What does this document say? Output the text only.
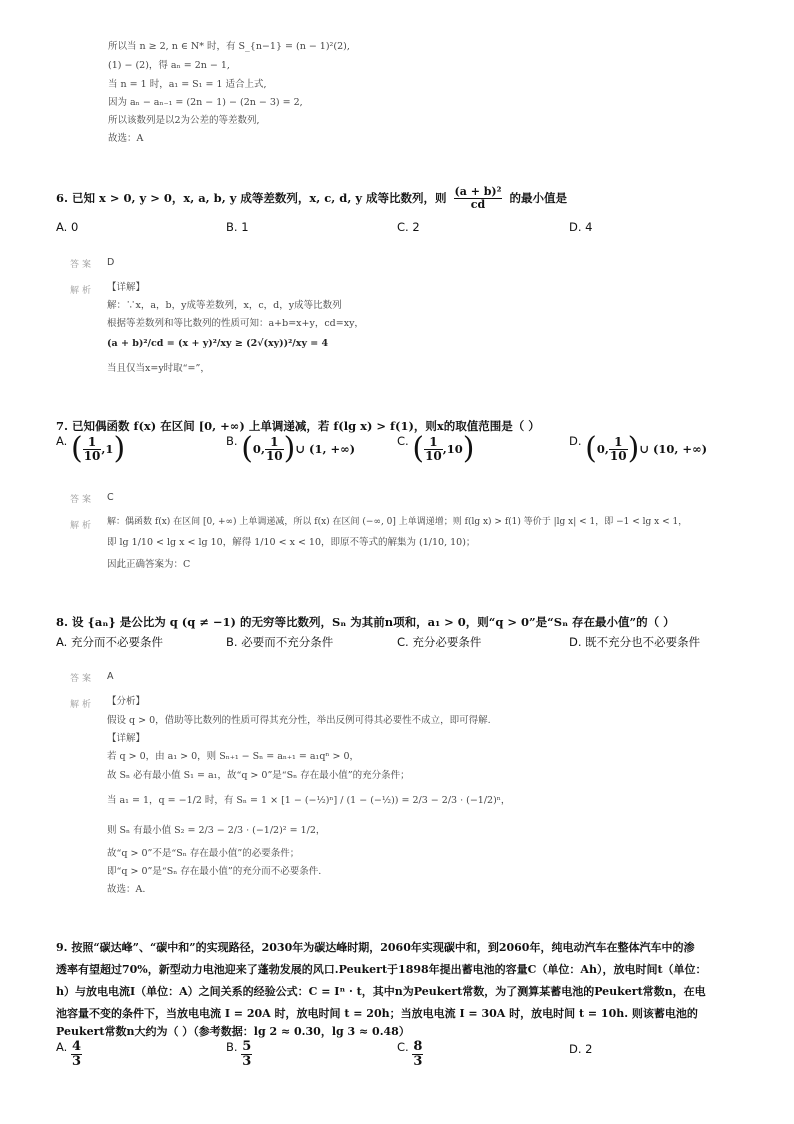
所以当 n ≥ 2, n ∈ N* 时，有 S_{n−1} = (n − 1)²(2),
(1) − (2)，得 aₙ = 2n − 1,
当 n = 1 时，a₁ = S₁ = 1 适合上式,
因为 aₙ − aₙ₋₁ = (2n − 1) − (2n − 3) = 2,
所以该数列是以2为公差的等差数列,
故选：A
6. 已知 x > 0, y > 0，x, a, b, y 成等差数列，x, c, d, y 成等比数列，则 $\frac{\text{(a + b)²}}{cd}$ 的最小值是
A. 0	B. 1	C. 2	D. 4
答案 D
解析 【详解】
解：∵x，a，b，y成等差数列，x，c，d，y成等比数列
根据等差数列和等比数列的性质可知：a+b=x+y，cd=xy，
(a + b)²/cd = (x + y)²/xy ≥ (2√(xy))²/xy = 4
当且仅当x=y时取“=”，
7. 已知偶函数 f(x) 在区间 [0, +∞) 上单调递减，若 f(lg x) > f(1)，则x的取值范围是（ ）
A. ( $\frac{1}{10} ,1$)	B. (0, $\frac{1}{10}$ )∪ (1, +∞)
C. ( $\frac{1}{10} ,10$)	D. (0, $\frac{1}{10}$ )∪ (10, +∞)
答案 C
解析 解：偶函数 f(x) 在区间 [0, +∞) 上单调递减，所以 f(x) 在区间 (−∞, 0] 上单调递增；则 f(lg x) > f(1) 等价于 |lg x| < 1，即 −1 < lg x < 1，
即 lg 1/10 < lg x < lg 10，解得 1/10 < x < 10，即原不等式的解集为 (1/10, 10)；
因此正确答案为：C
8. 设 {aₙ} 是公比为 q (q ≠ −1) 的无穷等比数列，Sₙ 为其前n项和，a₁ > 0，则“q > 0”是“Sₙ 存在最小值”的（ ）
A. 充分而不必要条件	B. 必要而不充分条件	C. 充分必要条件	D. 既不充分也不必要条件
答案 A
解析 【分析】
假设 q > 0，借助等比数列的性质可得其充分性，举出反例可得其必要性不成立，即可得解.
【详解】
若 q > 0，由 a₁ > 0，则 Sₙ₊₁ − Sₙ = aₙ₊₁ = a₁qⁿ > 0，
故 Sₙ 必有最小值 S₁ = a₁，故“q > 0”是“Sₙ 存在最小值”的充分条件；
当 a₁ = 1，q = −1/2 时，有 Sₙ = 1 × [1 − (−½)ⁿ] / (1 − (−½)) = 2/3 − 2/3 · (−1/2)ⁿ，
则 Sₙ 有最小值 S₂ = 2/3 − 2/3 · (−1/2)² = 1/2，
故“q > 0”不是“Sₙ 存在最小值”的必要条件；
即“q > 0”是“Sₙ 存在最小值”的充分而不必要条件.
故选：A.
9. 按照“碳达峰”、“碳中和”的实现路径，2030年为碳达峰时期，2060年实现碳中和，到2060年，纯电动汽车在整体汽车中的渗
透率有望超过70%，新型动力电池迎来了蓬勃发展的风口.Peukert于1898年提出蓄电池的容量C（单位：Ah），放电时间t（单位：
h）与放电电流I（单位：A）之间关系的经验公式：C = Iⁿ · t，其中n为Peukert常数，为了测算某蓄电池的Peukert常数n，在电
池容量不变的条件下，当放电电流 I = 20A 时，放电时间 t = 20h；当放电电流 I = 30A 时，放电时间 t = 10h. 则该蓄电池的
Peukert常数n大约为（ ）（参考数据：lg 2 ≈ 0.30，lg 3 ≈ 0.48）
A. $\frac{4}{3}$	B. $\frac{5}{3}$	C. $\frac{8}{3}$	D. 2
